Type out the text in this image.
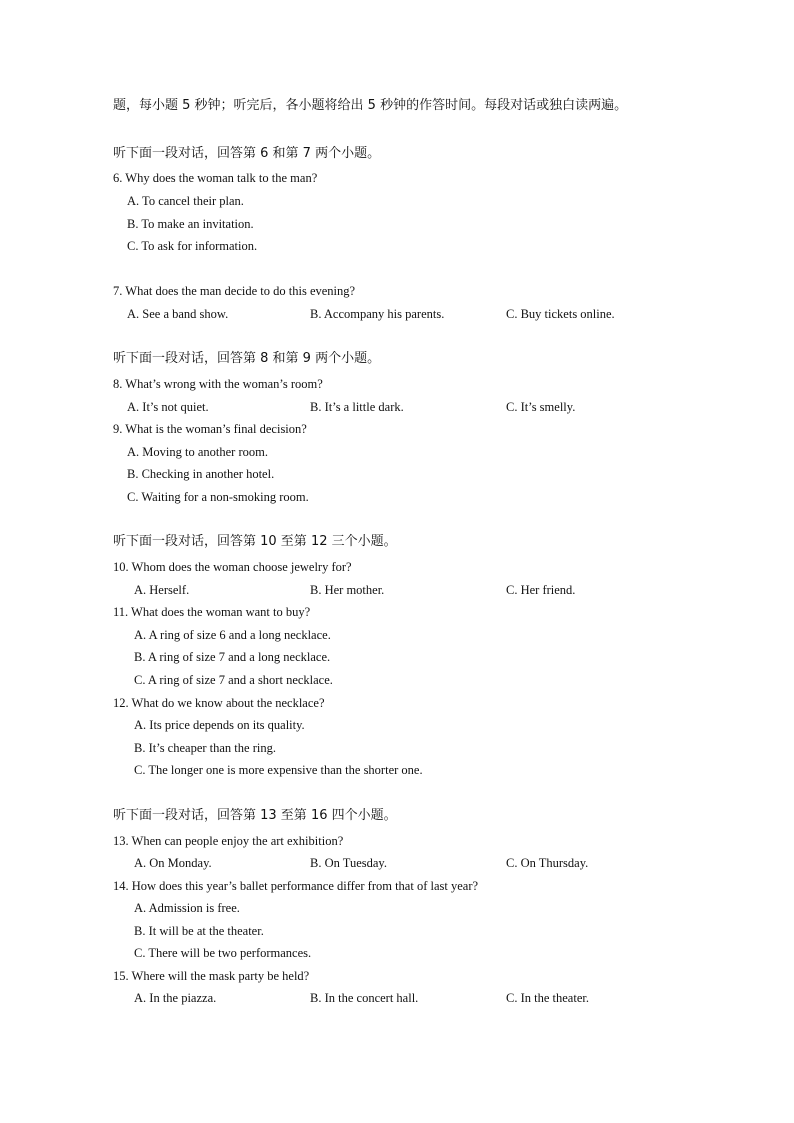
题，每小题 5 秒钟；听完后，各小题将给出 5 秒钟的作答时间。每段对话或独白读两遍。
听下面一段对话，回答第 6 和第 7 两个小题。
6. Why does the woman talk to the man?
A. To cancel their plan.
B. To make an invitation.
C. To ask for information.
7. What does the man decide to do this evening?
A. See a band show.	B. Accompany his parents.	C. Buy tickets online.
听下面一段对话，回答第 8 和第 9 两个小题。
8. What’s wrong with the woman’s room?
A. It’s not quiet.	B. It’s a little dark.	C. It’s smelly.
9. What is the woman’s final decision?
A. Moving to another room.
B. Checking in another hotel.
C. Waiting for a non-smoking room.
听下面一段对话，回答第 10 至第 12 三个小题。
10. Whom does the woman choose jewelry for?
A. Herself.	B. Her mother.	C. Her friend.
11. What does the woman want to buy?
A. A ring of size 6 and a long necklace.
B. A ring of size 7 and a long necklace.
C. A ring of size 7 and a short necklace.
12. What do we know about the necklace?
A. Its price depends on its quality.
B. It’s cheaper than the ring.
C. The longer one is more expensive than the shorter one.
听下面一段对话，回答第 13 至第 16 四个小题。
13. When can people enjoy the art exhibition?
A. On Monday.	B. On Tuesday.	C. On Thursday.
14. How does this year’s ballet performance differ from that of last year?
A. Admission is free.
B. It will be at the theater.
C. There will be two performances.
15. Where will the mask party be held?
A. In the piazza.	B. In the concert hall.	C. In the theater.
